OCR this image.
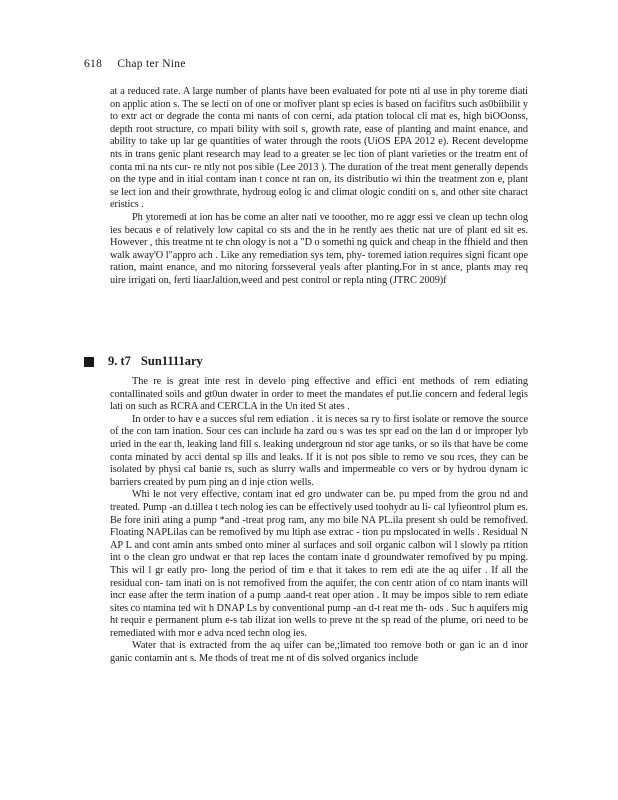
618 Chap ter Nine

at a reduced rate. A large number of plants have been evaluated for pote nti al use in phy toreme diati on applic ation s. The se lecti on of one or mofiver plant sp ecies is based on facifitrs such as0biibilit y to extr act or degrade the conta mi nants of con cerni, ada ptation tolocal cli mat es, high biOOonss, depth root structure, co mpati bility with soil s, growth rate, ease of planting and maint enance, and ability to take up lar ge quantities of water through the roots (UiOS EPA 2012 e). Recent developme nts in trans genic plant research may lead to a greater se lec tion of plant varieties or the treatm ent of conta mi na nts cur- re ntly not pos sible (Lee 2013 ). The duration of the treat ment generally depends on the type and in itial contam inan t conce nt ran on, its distributio wi thin the treatment zon e, plant se lect ion and their growthrate, hydroug eolog ic and climat ologic conditi on s, and other site charact eristics .

Ph ytoremedi at ion has be come an alter nati ve tooother, mo re aggr essi ve clean up techn olog ies becaus e of relatively low capital co sts and the in he rently aes thetic nat ure of plant ed sit es. However , this treatme nt te chn ology is not a "D o somethi ng quick and cheap in the ffhield and then walk away'O l"appro ach . Like any remediation sys tem, phy- toremed iation requires signi ficant ope ration, maint enance, and mo nitoring forsseveral yeals after planting.For in st ance, plants may req uire irrigati on, ferti liaarJaltion,weed and pest control or repla nting (JTRC 2009)f

9. t7 Sun1111ary

The re is great inte rest in develo ping effective and effici ent methods of rem ediating contallinated soils and gt0un dwater in order to meet the mandates ef put.lie concern and federal legis lati on such as RCRA and CERCLA in the Un ited St ates .

In order to hav e a succes sful rem ediation . it is neces sa ry to first isolate or remove the source of the con tam ination. Sour ces can include ha zard ou s was tes spr ead on the lan d or improper lyb uried in the ear th, leaking land fill s. leaking undergroun nd stor age tanks, or so ils that have be come conta minated by acci dental sp ills and leaks. If it is not pos sible to remo ve sou rces, they can be isolated by physi cal banie rs, such as slurry walls and impermeable co vers or by hydrou dynam ic barriers created by pum ping an d inje ction wells.

Whi le not very effective, contam inat ed gro undwater can be. pu mped from the grou nd and treated. Pump -an d.tillea t tech nolog ies can be effectively used toohydr au li- cal lyfieontrol plum es. Be fore initi ating a pump *and -treat prog ram, any mo bile NA PL.ila present sh ould be remofived. Floating NAPLilas can be remofived by mu ltiph ase extrac - tion pu mpslocated in wells . Residual N AP L and cont amin ants smbed onto miner al surfaces and soil organic calbon wil l slowly pa rtition int o the clean gro undwat er that rep laces the contam inate d groundwater remofived by pu mping. This wil l gr eatly pro- long the period of tim e that it takes to rem edi ate the aq uifer . If all the residual con- tam inati on is not remofived from the aquifer, the con centr ation of co ntam inants will incr ease after the term ination of a pump .aand-t reat oper ation . It may be impos sible to rem ediate sites co ntamina ted wit h DNAP Ls by conventional pump -an d-t reat me th- ods . Suc h aquifers mig ht requir e permanent plum e-s tab ilizat ion wells to preve nt the sp read of the plume, ori need to be remediated with mor e adva nced techn olog ies.

Water that is extracted from the aq uifer can be,;limated too remove both or gan ic an d inor ganic contamin ant s. Me thods of treat me nt of dis solved organics include
